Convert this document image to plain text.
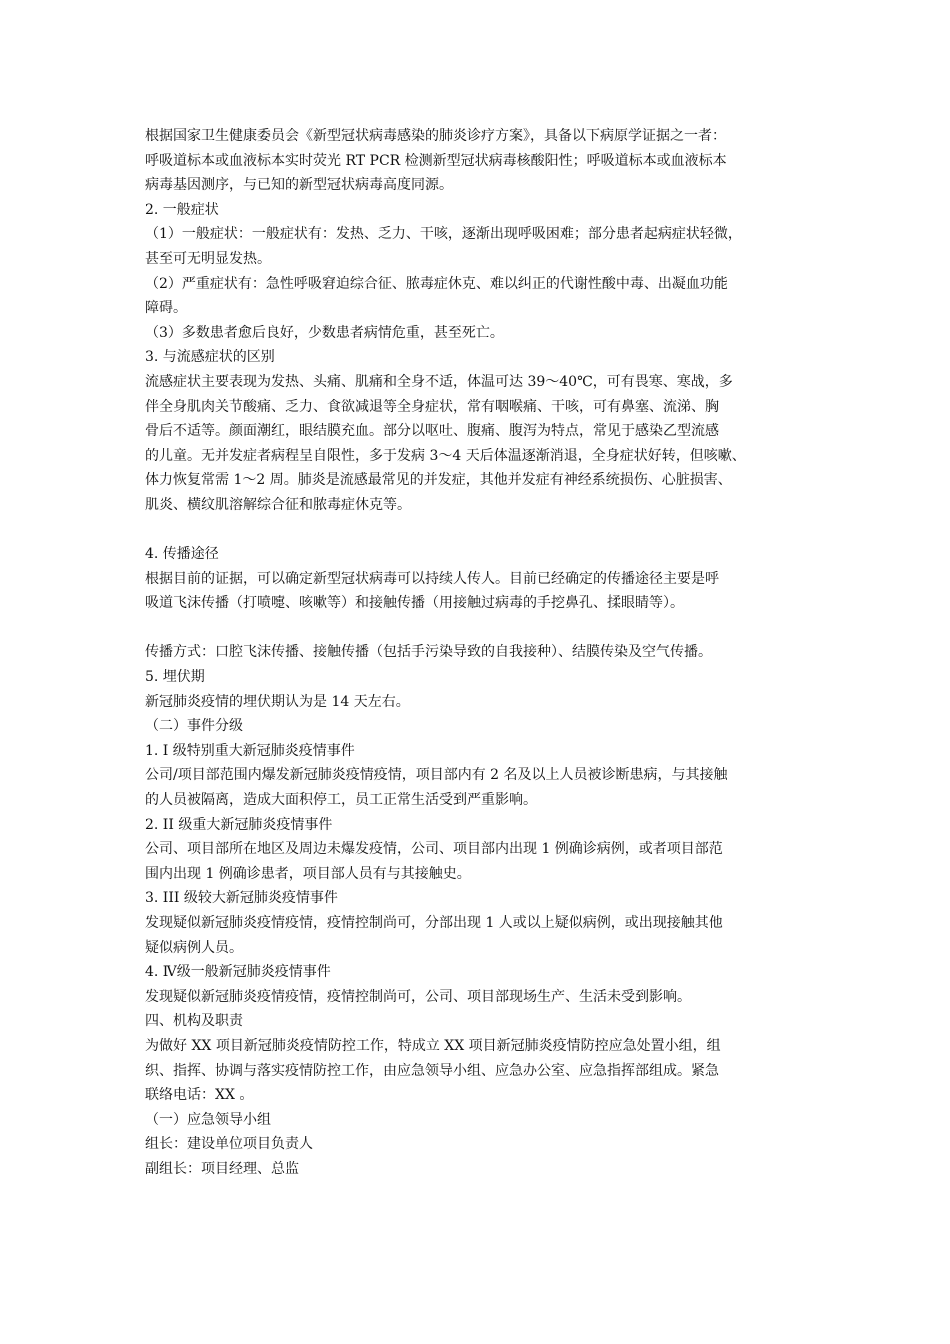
根据国家卫生健康委员会《新型冠状病毒感染的肺炎诊疗方案》，具备以下病原学证据之一者：
呼吸道标本或血液标本实时荧光 RT PCR 检测新型冠状病毒核酸阳性；呼吸道标本或血液标本
病毒基因测序，与已知的新型冠状病毒高度同源。
2. 一般症状
（1）一般症状：一般症状有：发热、乏力、干咳，逐渐出现呼吸困难；部分患者起病症状轻微，
甚至可无明显发热。
（2）严重症状有：急性呼吸窘迫综合征、脓毒症休克、难以纠正的代谢性酸中毒、出凝血功能
障碍。
（3）多数患者愈后良好，少数患者病情危重，甚至死亡。
3. 与流感症状的区别
流感症状主要表现为发热、头痛、肌痛和全身不适，体温可达 39～40℃，可有畏寒、寒战，多
伴全身肌肉关节酸痛、乏力、食欲减退等全身症状，常有咽喉痛、干咳，可有鼻塞、流涕、胸
骨后不适等。颜面潮红，眼结膜充血。部分以呕吐、腹痛、腹泻为特点，常见于感染乙型流感
的儿童。无并发症者病程呈自限性，多于发病 3～4 天后体温逐渐消退，全身症状好转，但咳嗽、
体力恢复常需 1～2 周。肺炎是流感最常见的并发症，其他并发症有神经系统损伤、心脏损害、
肌炎、横纹肌溶解综合征和脓毒症休克等。
4. 传播途径
根据目前的证据，可以确定新型冠状病毒可以持续人传人。目前已经确定的传播途径主要是呼
吸道飞沫传播（打喷嚏、咳嗽等）和接触传播（用接触过病毒的手挖鼻孔、揉眼睛等）。
传播方式：口腔飞沫传播、接触传播（包括手污染导致的自我接种）、结膜传染及空气传播。
5. 埋伏期
新冠肺炎疫情的埋伏期认为是 14 天左右。
（二）事件分级
1. I 级特别重大新冠肺炎疫情事件
公司/项目部范围内爆发新冠肺炎疫情疫情，项目部内有 2 名及以上人员被诊断患病，与其接触
的人员被隔离，造成大面积停工，员工正常生活受到严重影响。
2. II 级重大新冠肺炎疫情事件
公司、项目部所在地区及周边未爆发疫情，公司、项目部内出现 1 例确诊病例，或者项目部范
围内出现 1 例确诊患者，项目部人员有与其接触史。
3. III 级较大新冠肺炎疫情事件
发现疑似新冠肺炎疫情疫情，疫情控制尚可，分部出现 1 人或以上疑似病例，或出现接触其他
疑似病例人员。
4. Ⅳ级一般新冠肺炎疫情事件
发现疑似新冠肺炎疫情疫情，疫情控制尚可，公司、项目部现场生产、生活未受到影响。
四、机构及职责
为做好 XX 项目新冠肺炎疫情防控工作，特成立 XX 项目新冠肺炎疫情防控应急处置小组，组
织、指挥、协调与落实疫情防控工作，由应急领导小组、应急办公室、应急指挥部组成。紧急
联络电话：XX 。
（一）应急领导小组
组长：建设单位项目负责人
副组长：项目经理、总监
